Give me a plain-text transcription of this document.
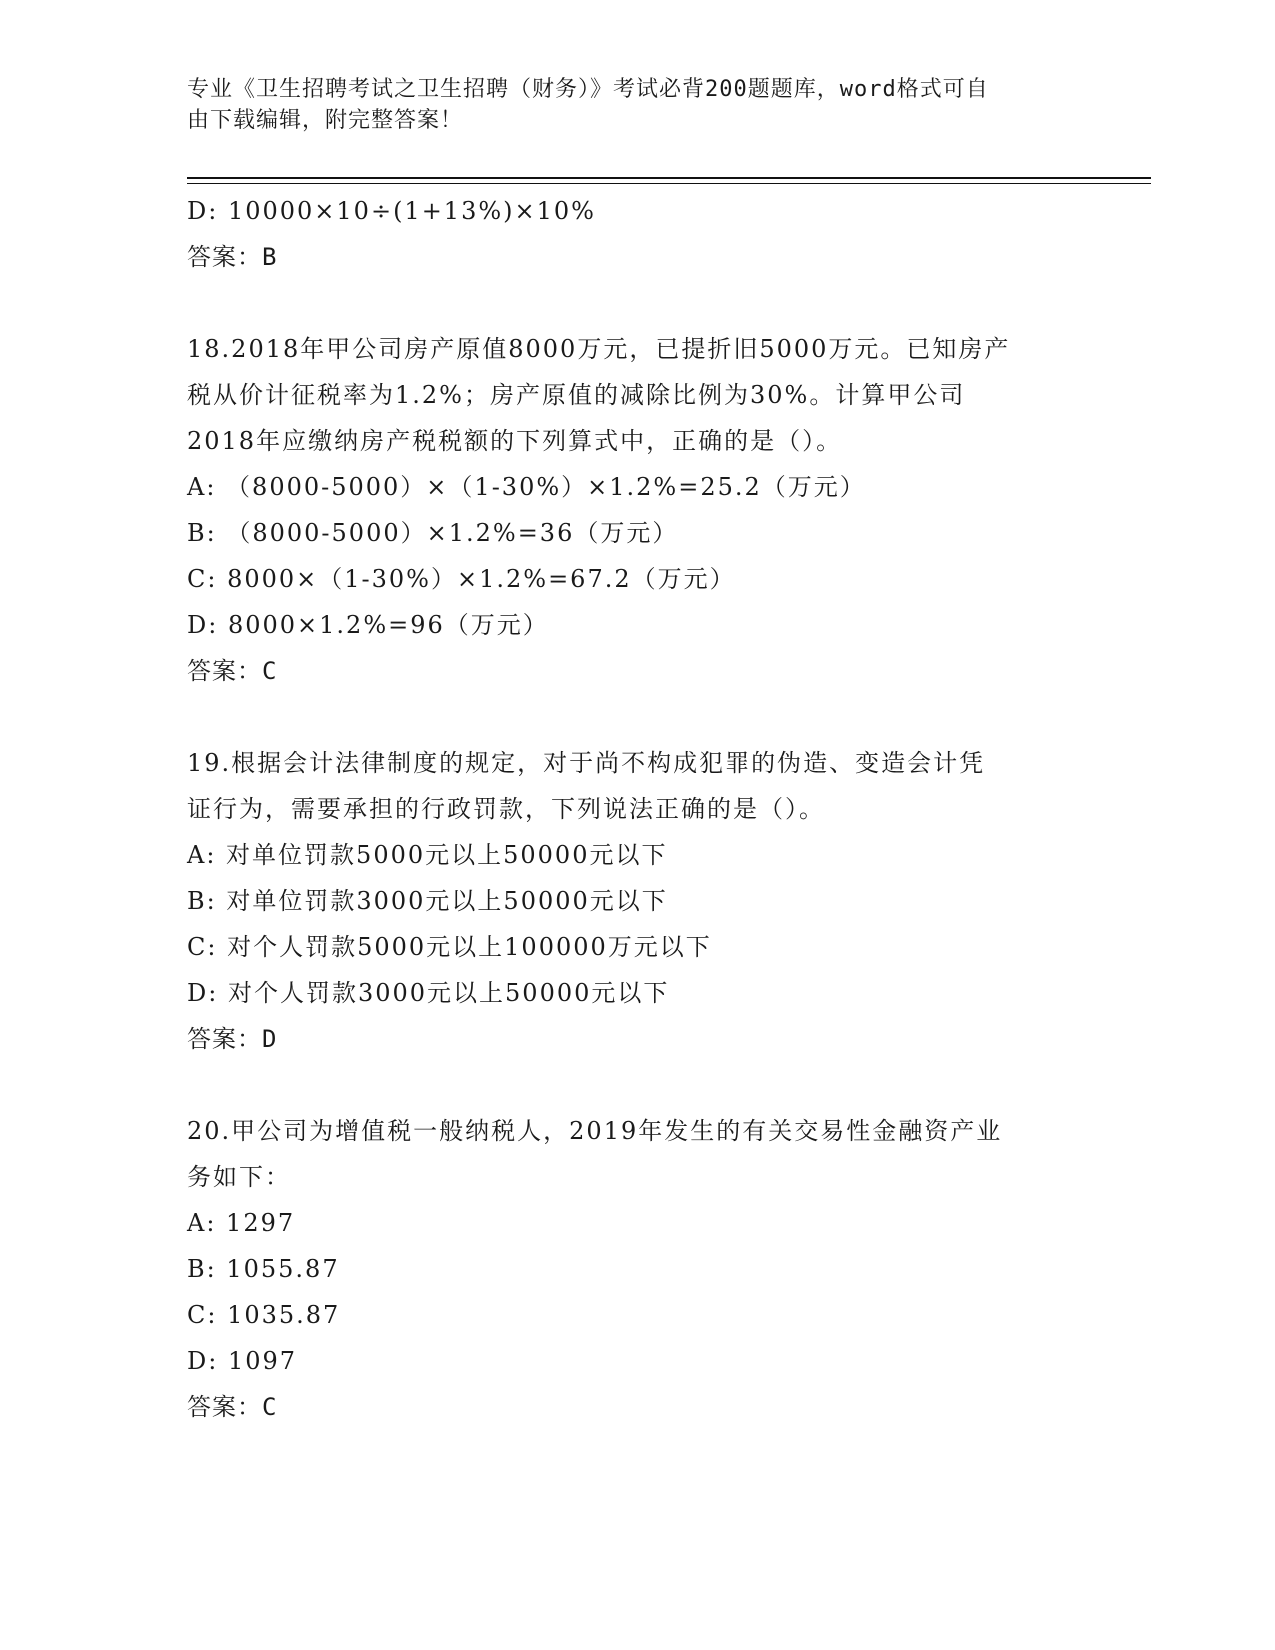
专业《卫生招聘考试之卫生招聘（财务）》考试必背200题题库，word格式可自
由下载编辑，附完整答案！
D: 10000×10÷(1+13%)×10%
答案：B
18.2018年甲公司房产原值8000万元，已提折旧5000万元。已知房产
税从价计征税率为1.2%；房产原值的减除比例为30%。计算甲公司
2018年应缴纳房产税税额的下列算式中，正确的是（）。
A: （8000-5000）×（1-30%）×1.2%=25.2（万元）
B: （8000-5000）×1.2%=36（万元）
C: 8000×（1-30%）×1.2%=67.2（万元）
D: 8000×1.2%=96（万元）
答案：C
19.根据会计法律制度的规定，对于尚不构成犯罪的伪造、变造会计凭
证行为，需要承担的行政罚款，下列说法正确的是（）。
A: 对单位罚款5000元以上50000元以下
B: 对单位罚款3000元以上50000元以下
C: 对个人罚款5000元以上100000万元以下
D: 对个人罚款3000元以上50000元以下
答案：D
20.甲公司为增值税一般纳税人，2019年发生的有关交易性金融资产业
务如下：
A: 1297
B: 1055.87
C: 1035.87
D: 1097
答案：C
